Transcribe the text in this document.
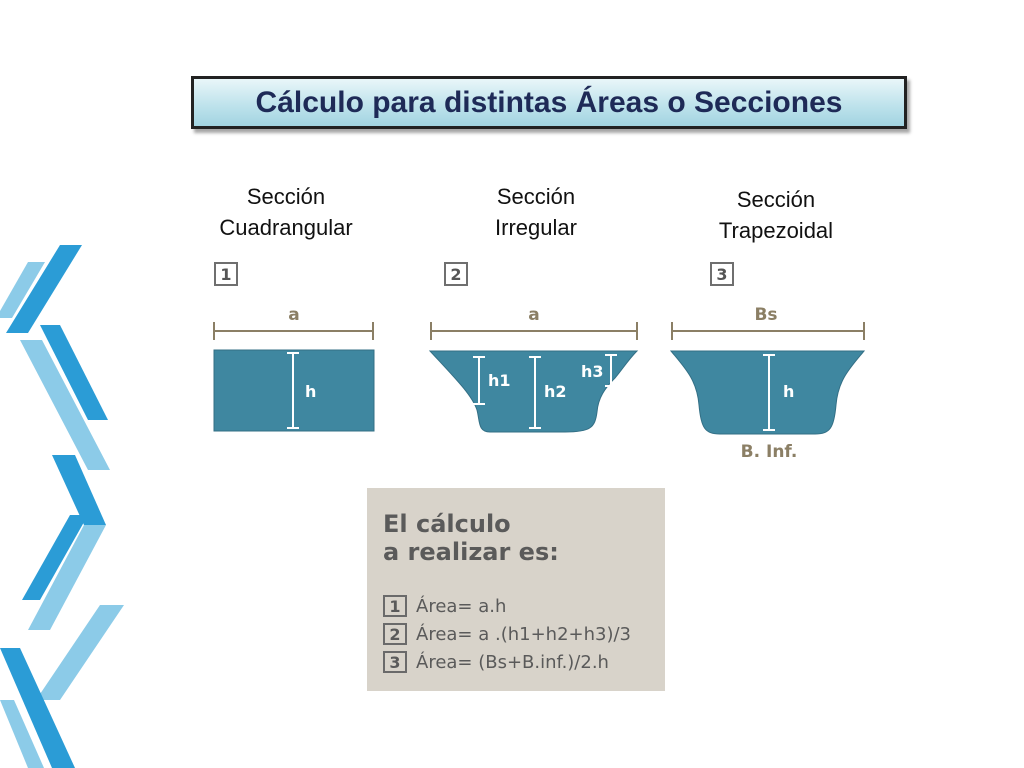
Cálculo para distintas Áreas o Secciones
Sección
Cuadrangular
Sección
Irregular
Sección
Trapezoidal
1	2	3
a	a	Bs
h
h1
h2
h3
h
B. Inf.
El cálculo
a realizar es:
1 Área= a.h
2 Área= a .(h1+h2+h3)/3
3 Área= (Bs+B.inf.)/2.h
